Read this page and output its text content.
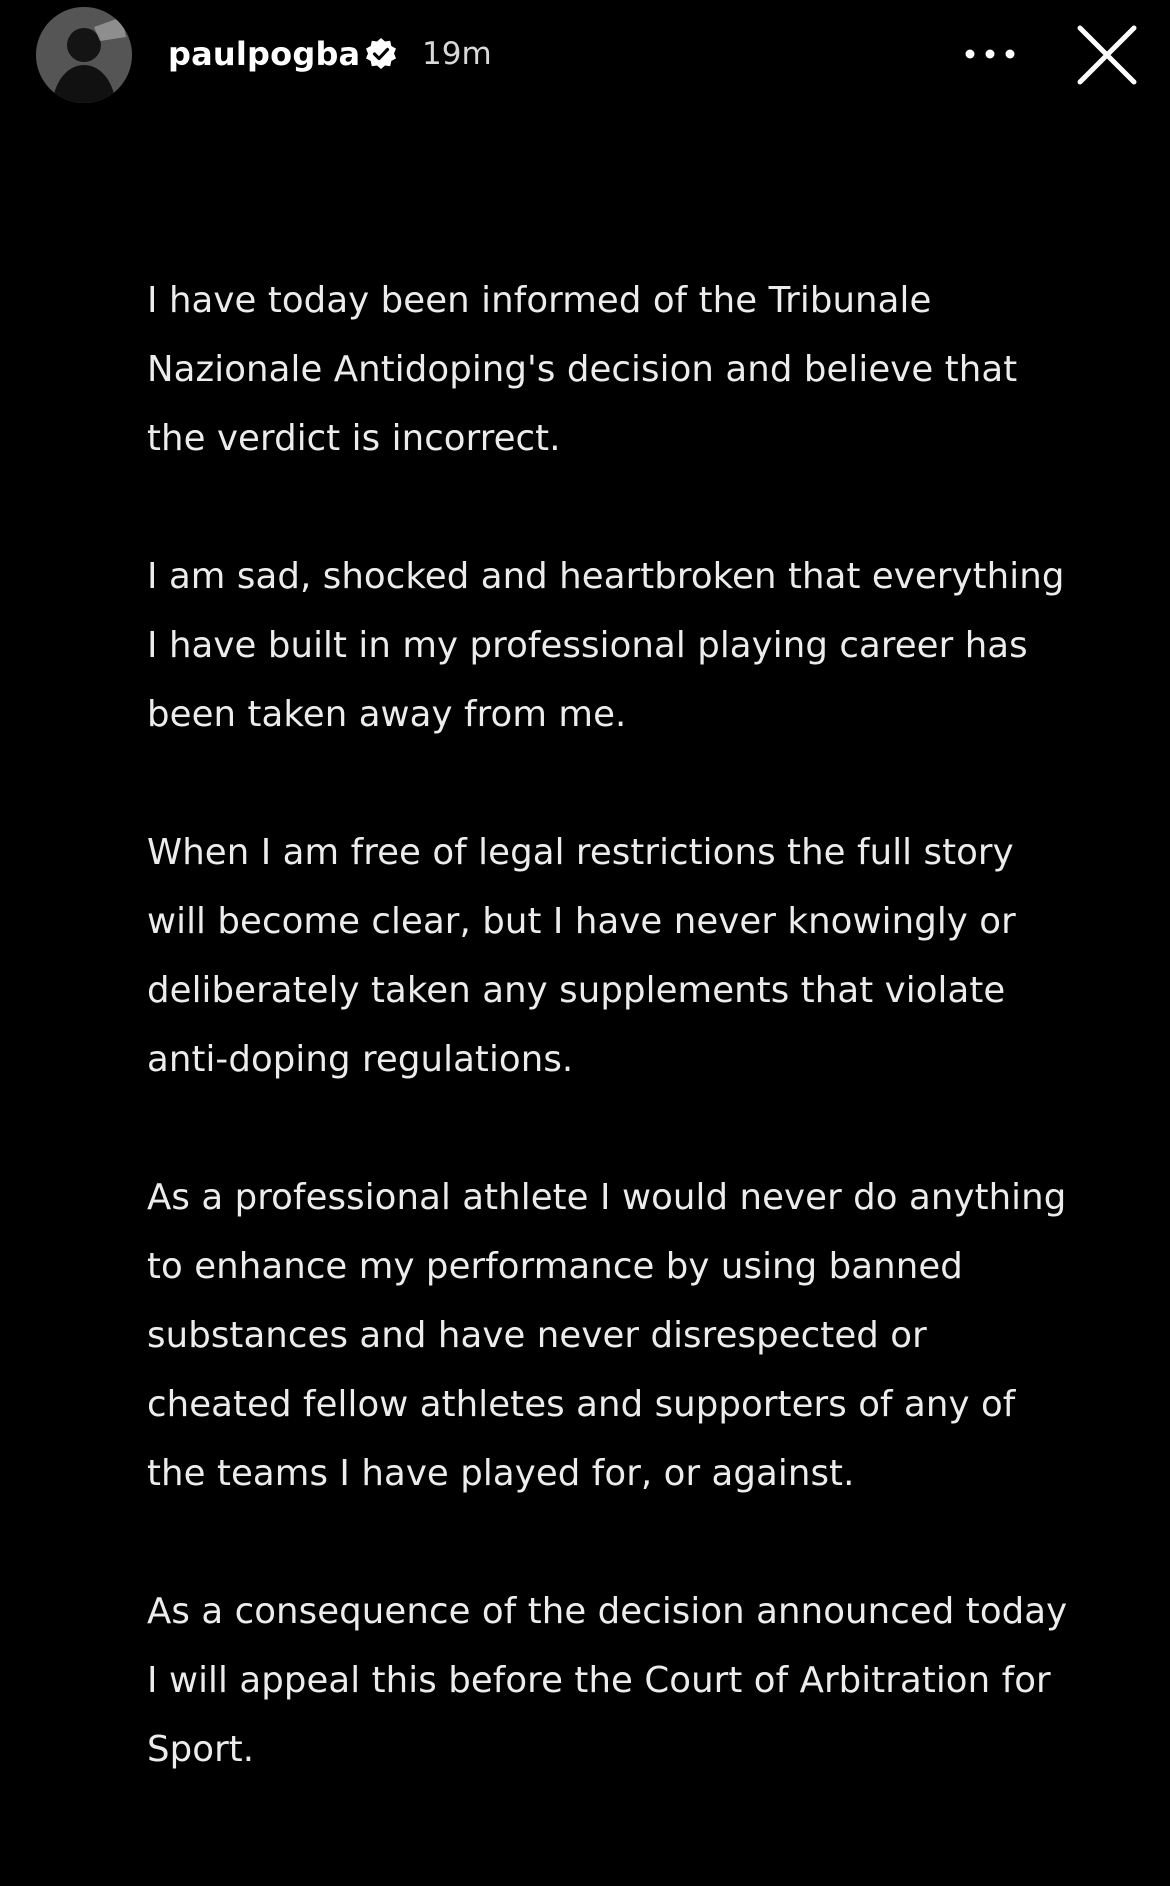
paulpogba 19m

I have today been informed of the Tribunale Nazionale Antidoping's decision and believe that the verdict is incorrect.

I am sad, shocked and heartbroken that everything I have built in my professional playing career has been taken away from me.

When I am free of legal restrictions the full story will become clear, but I have never knowingly or deliberately taken any supplements that violate anti-doping regulations.

As a professional athlete I would never do anything to enhance my performance by using banned substances and have never disrespected or cheated fellow athletes and supporters of any of the teams I have played for, or against.

As a consequence of the decision announced today I will appeal this before the Court of Arbitration for Sport.
